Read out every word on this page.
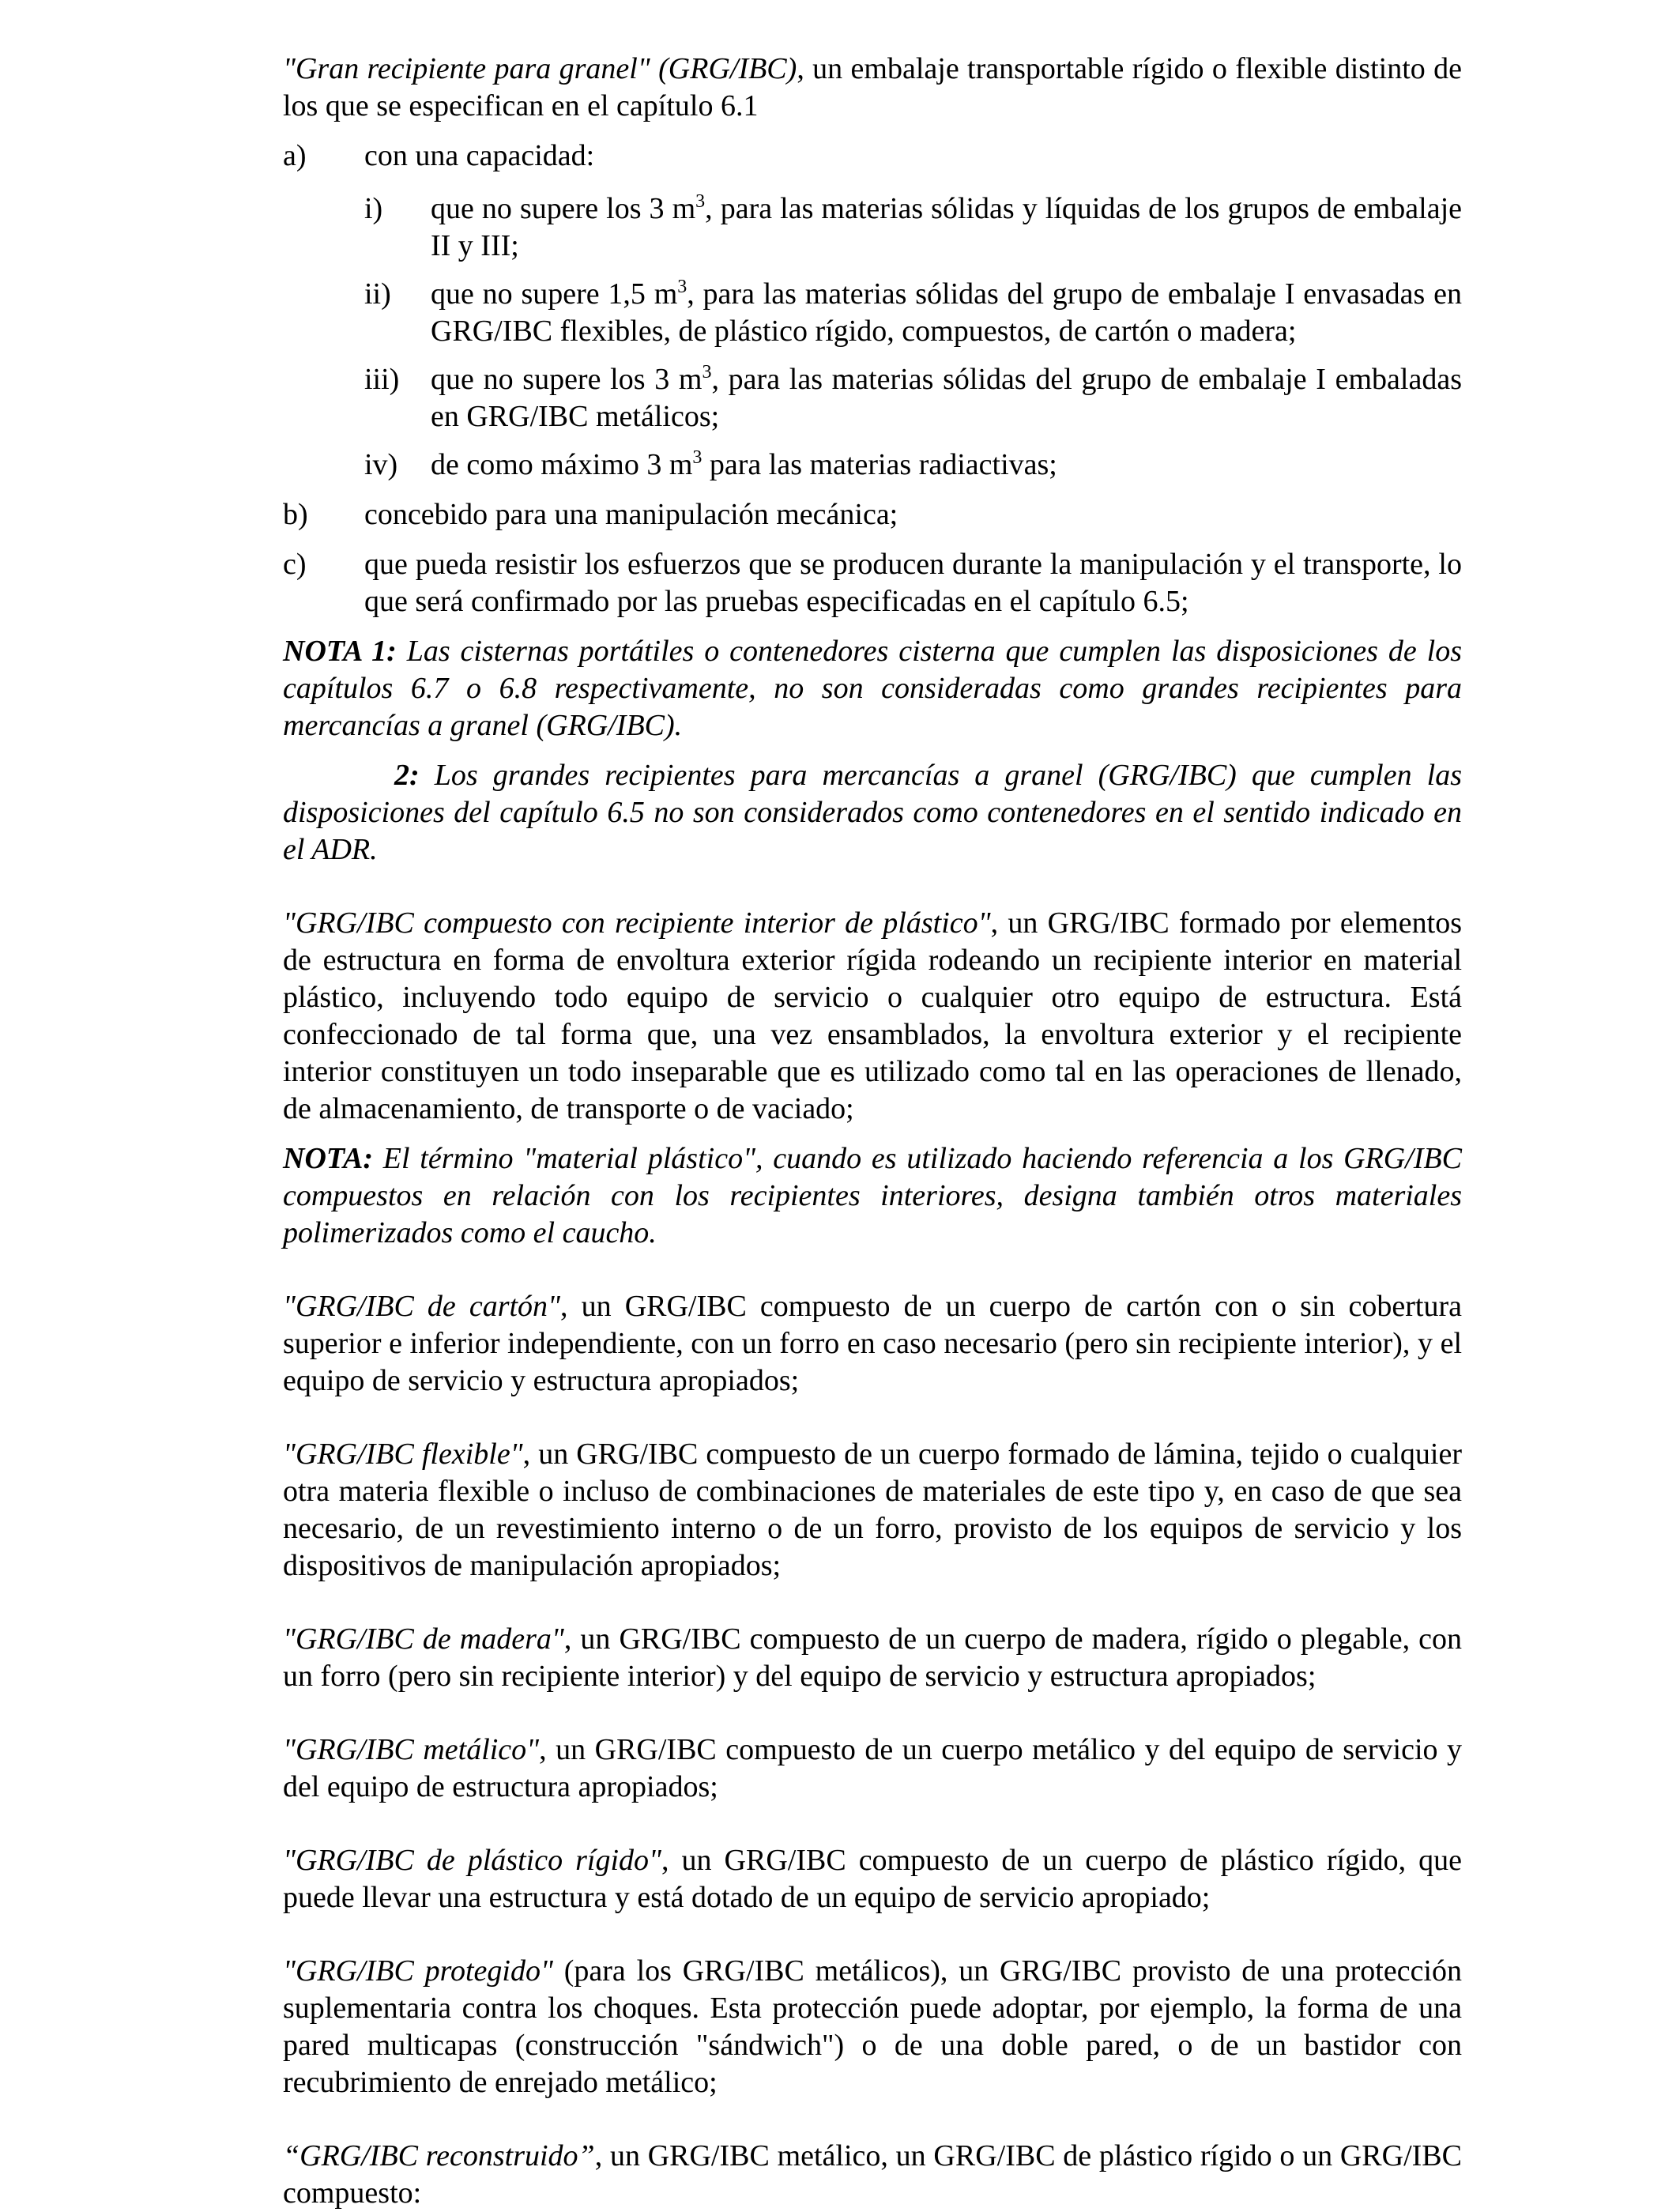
"Gran recipiente para granel" (GRG/IBC), un embalaje transportable rígido o flexible distinto de los que se especifican en el capítulo 6.1

a)	con una capacidad:
i)	que no supere los 3 $m^3$, para las materias sólidas y líquidas de los grupos de embalaje II y III;
ii)	que no supere 1,5 $m^3$, para las materias sólidas del grupo de embalaje I envasadas en GRG/IBC flexibles, de plástico rígido, compuestos, de cartón o madera;
iii)	que no supere los 3 $m^3$, para las materias sólidas del grupo de embalaje I embaladas en GRG/IBC metálicos;
iv)	de como máximo 3 $m^3$ para las materias radiactivas;
b)	concebido para una manipulación mecánica;
c)	que pueda resistir los esfuerzos que se producen durante la manipulación y el transporte, lo que será confirmado por las pruebas especificadas en el capítulo 6.5;

NOTA 1: Las cisternas portátiles o contenedores cisterna que cumplen las disposiciones de los capítulos 6.7 o 6.8 respectivamente, no son consideradas como grandes recipientes para mercancías a granel (GRG/IBC).

2: Los grandes recipientes para mercancías a granel (GRG/IBC) que cumplen las disposiciones del capítulo 6.5 no son considerados como contenedores en el sentido indicado en el ADR.

"GRG/IBC compuesto con recipiente interior de plástico", un GRG/IBC formado por elementos de estructura en forma de envoltura exterior rígida rodeando un recipiente interior en material plástico, incluyendo todo equipo de servicio o cualquier otro equipo de estructura. Está confeccionado de tal forma que, una vez ensamblados, la envoltura exterior y el recipiente interior constituyen un todo inseparable que es utilizado como tal en las operaciones de llenado, de almacenamiento, de transporte o de vaciado;

NOTA: El término "material plástico", cuando es utilizado haciendo referencia a los GRG/IBC compuestos en relación con los recipientes interiores, designa también otros materiales polimerizados como el caucho.

"GRG/IBC de cartón", un GRG/IBC compuesto de un cuerpo de cartón con o sin cobertura superior e inferior independiente, con un forro en caso necesario (pero sin recipiente interior), y el equipo de servicio y estructura apropiados;

"GRG/IBC flexible", un GRG/IBC compuesto de un cuerpo formado de lámina, tejido o cualquier otra materia flexible o incluso de combinaciones de materiales de este tipo y, en caso de que sea necesario, de un revestimiento interno o de un forro, provisto de los equipos de servicio y los dispositivos de manipulación apropiados;

"GRG/IBC de madera", un GRG/IBC compuesto de un cuerpo de madera, rígido o plegable, con un forro (pero sin recipiente interior) y del equipo de servicio y estructura apropiados;

"GRG/IBC metálico", un GRG/IBC compuesto de un cuerpo metálico y del equipo de servicio y del equipo de estructura apropiados;

"GRG/IBC de plástico rígido", un GRG/IBC compuesto de un cuerpo de plástico rígido, que puede llevar una estructura y está dotado de un equipo de servicio apropiado;

"GRG/IBC protegido" (para los GRG/IBC metálicos), un GRG/IBC provisto de una protección suplementaria contra los choques. Esta protección puede adoptar, por ejemplo, la forma de una pared multicapas (construcción "sándwich") o de una doble pared, o de un bastidor con recubrimiento de enrejado metálico;

“GRG/IBC reconstruido”, un GRG/IBC metálico, un GRG/IBC de plástico rígido o un GRG/IBC compuesto:
